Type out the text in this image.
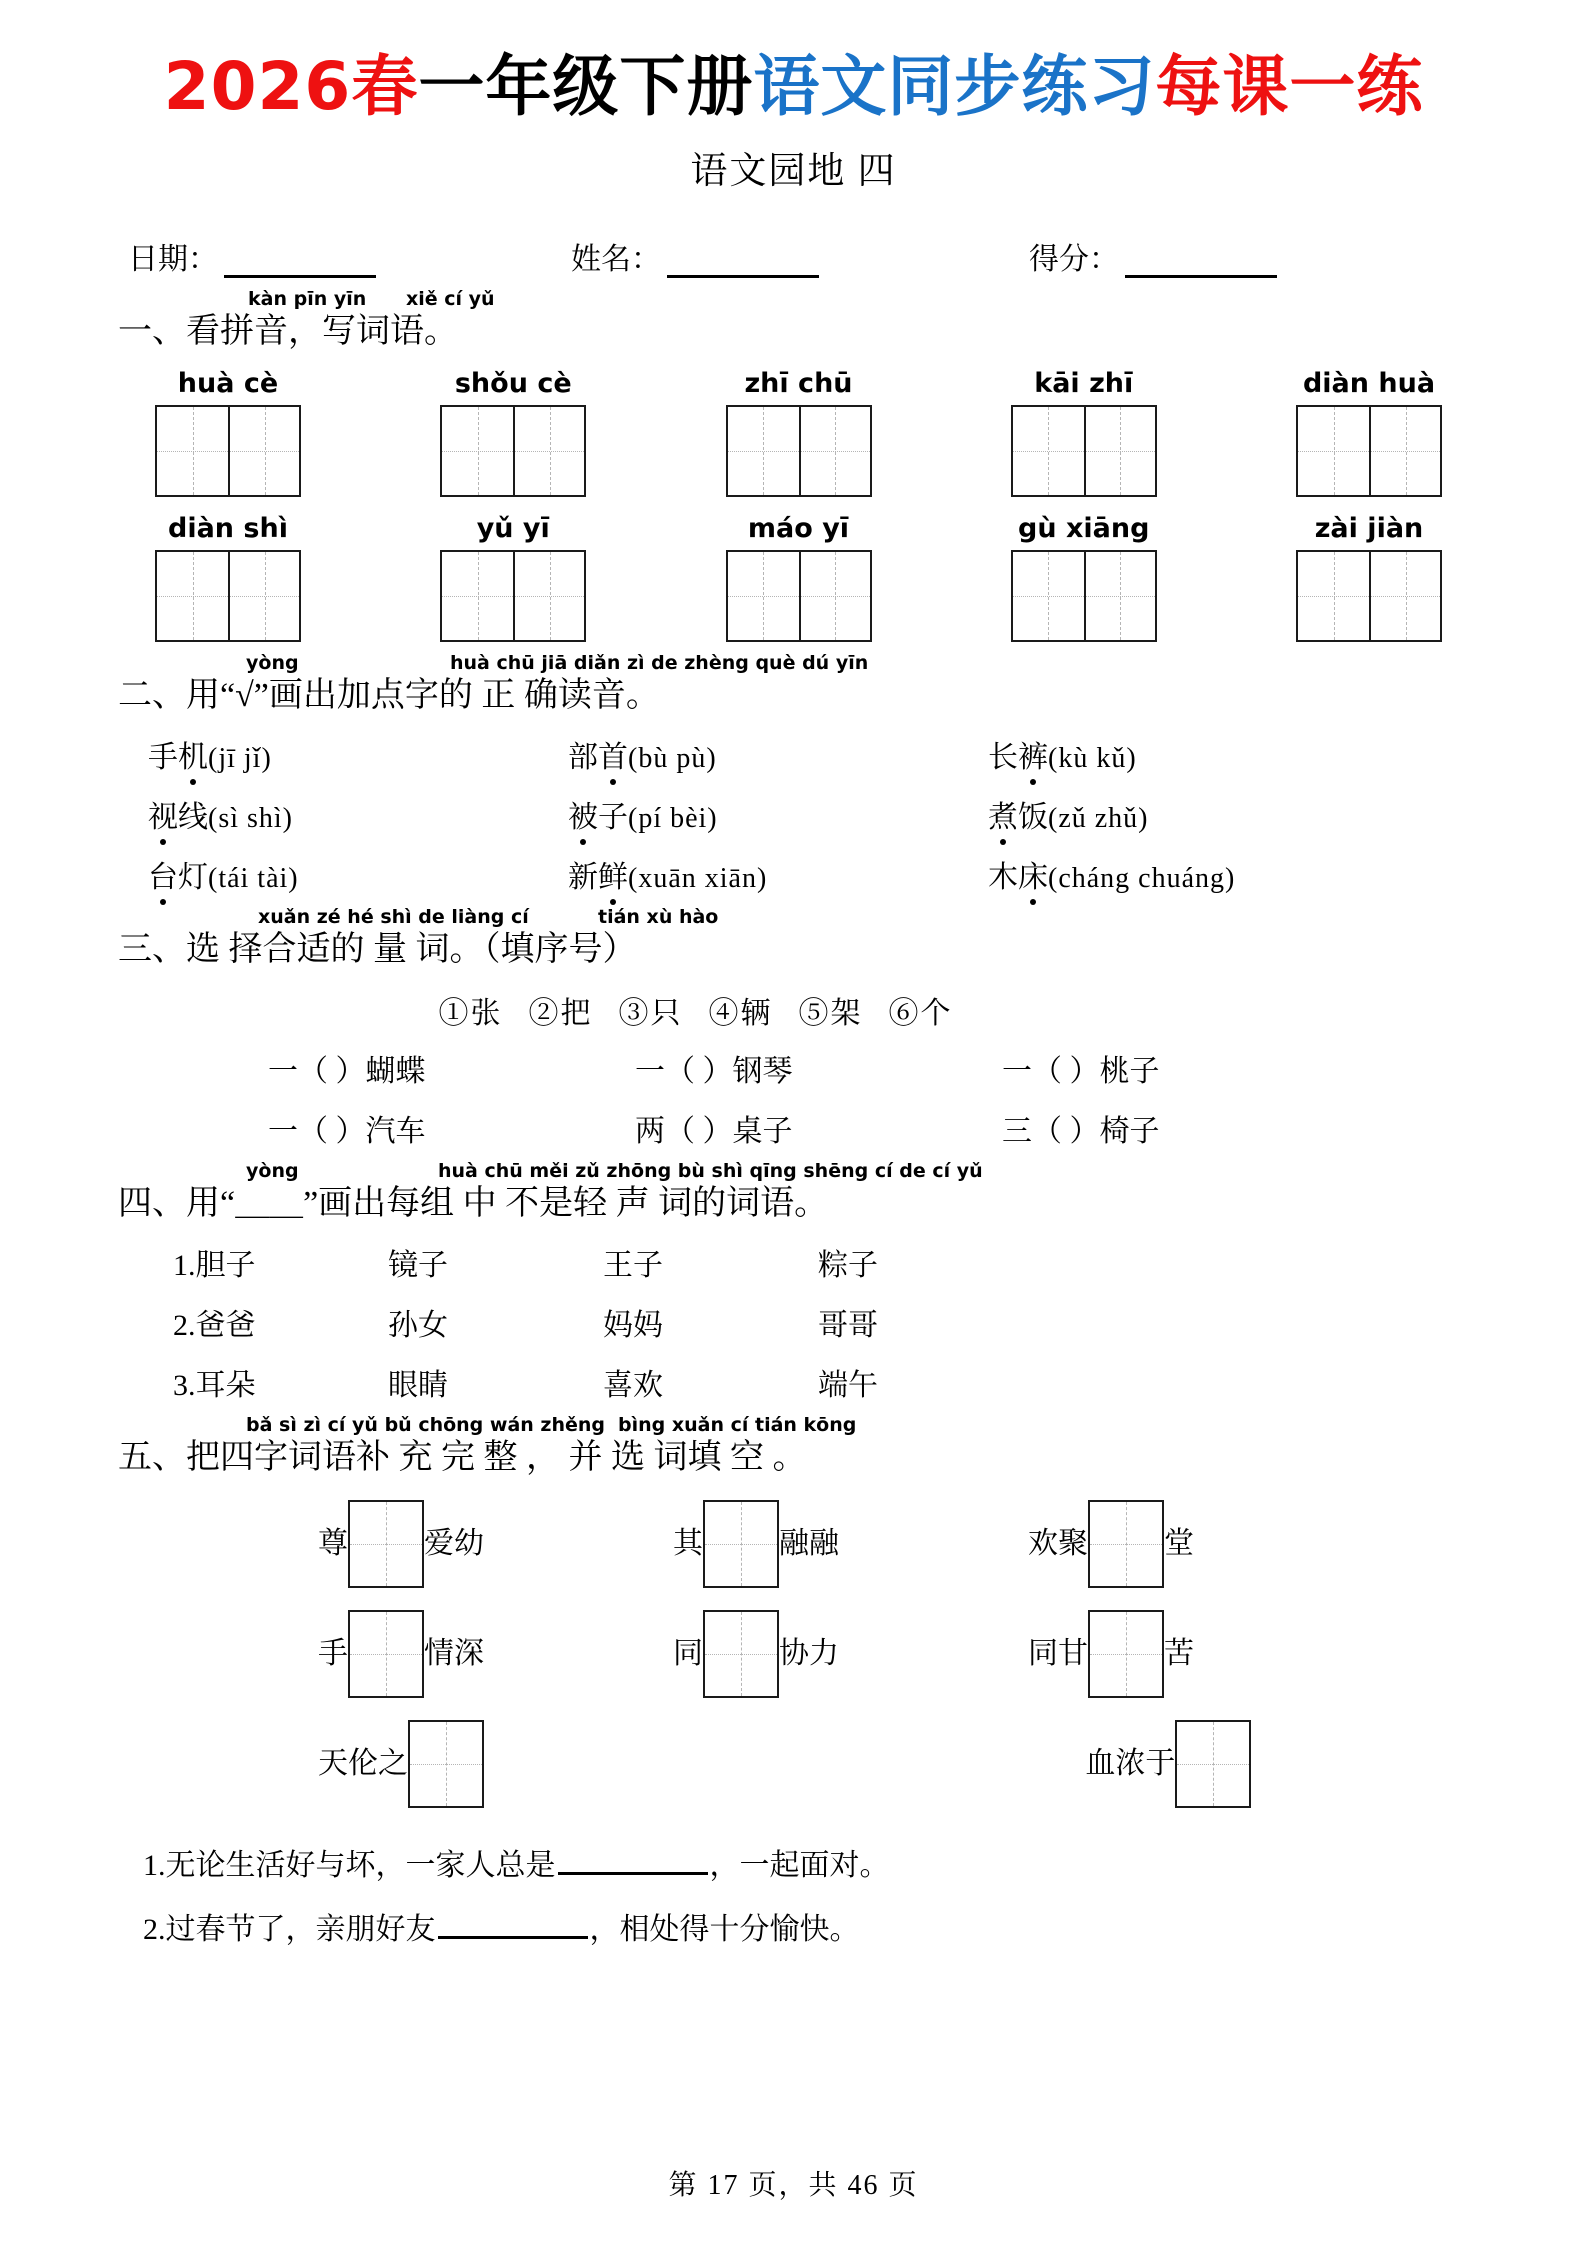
2026春一年级下册语文同步练习每课一练
语文园地 四
日期：	姓名：	得分：
kàn pīn yīn xiě cí yǔ
一、看拼音，写词语。
huà cè	shǒu cè	zhī chū	kāi zhī	diàn huà
diàn shì	yǔ yī	máo yī	gù xiāng	zài jiàn
yòng	huà chū jiā diǎn zì de zhèng què dú yīn
二、用“√”画出加点字的 正 确读音。
手机(jī jǐ)	部首(bù pù)	长裤(kù kǔ)
视线(sì shì)	被子(pí bèi)	煮饭(zǔ zhǔ)
台灯(tái tài)	新鲜(xuān xiān)	木床(cháng chuáng)
xuǎn zé hé shì de liàng cí	tián xù hào
三、选 择合适的 量 词。（填序号）
①张 ②把 ③只 ④辆 ⑤架 ⑥个
一（ ）蝴蝶	一（ ）钢琴	一（ ）桃子
一（ ）汽车	两（ ）桌子	三（ ）椅子
yòng	huà chū měi zǔ zhōng bù shì qīng shēng cí de cí yǔ
四、用“＿＿”画出每组 中 不是轻 声 词的词语。
1.胆子	镜子	王子	粽子
2.爸爸	孙女	妈妈	哥哥
3.耳朵	眼睛	喜欢	端午
bǎ sì zì cí yǔ bǔ chōng wán zhěng bìng xuǎn cí tián kōng
五、把四字词语补 充 完 整 ， 并 选 词填 空 。
尊	爱幼	其	融融	欢聚	堂
手	情深	同	协力	同甘	苦
天伦之	血浓于
1.无论生活好与坏，一家人总是	，一起面对。
2.过春节了，亲朋好友	，相处得十分愉快。
第 17 页，共 46 页
